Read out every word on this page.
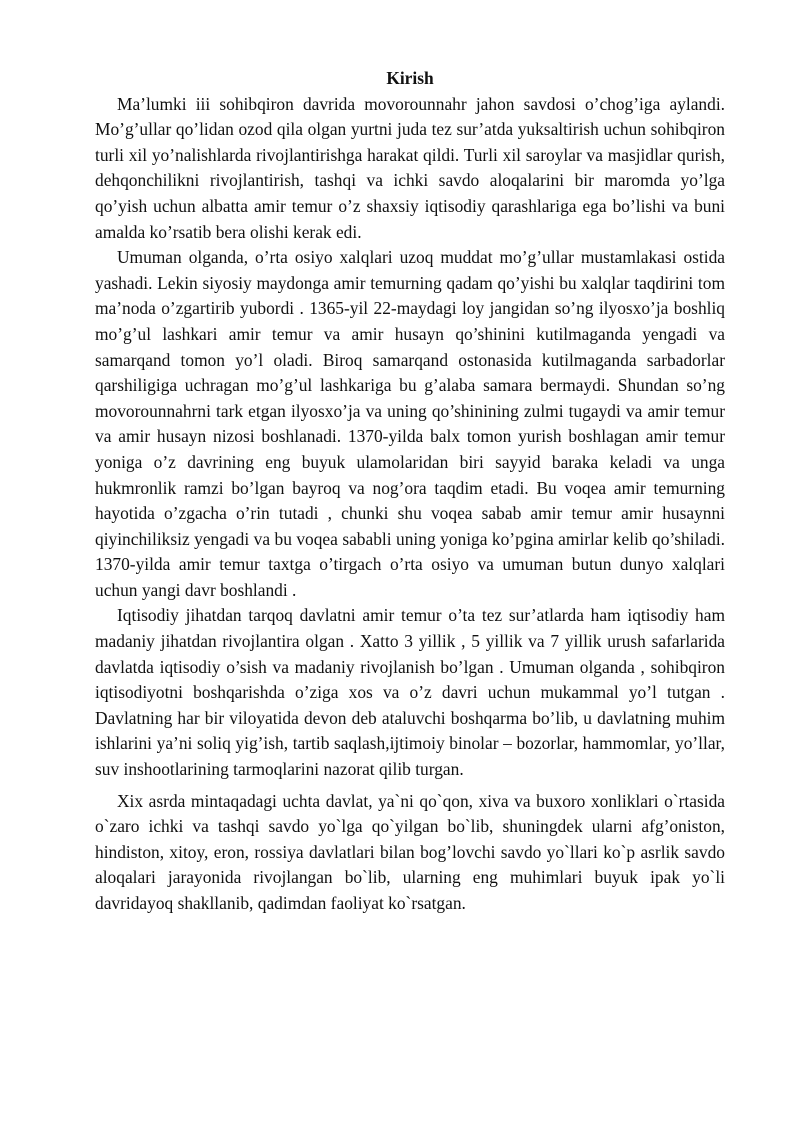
Kirish

Ma’lumki iii sohibqiron davrida movorounnahr jahon savdosi o’chog’iga aylandi. Mo’g’ullar qo’lidan ozod qila olgan yurtni juda tez sur’atda yuksaltirish uchun sohibqiron turli xil yo’nalishlarda rivojlantirishga harakat qildi. Turli xil saroylar va masjidlar qurish, dehqonchilikni rivojlantirish, tashqi va ichki savdo aloqalarini bir maromda yo’lga qo’yish uchun albatta amir temur o’z shaxsiy iqtisodiy qarashlariga ega bo’lishi va buni amalda ko’rsatib bera olishi kerak edi.

Umuman olganda, o’rta osiyo xalqlari uzoq muddat mo’g’ullar mustamlakasi ostida yashadi. Lekin siyosiy maydonga amir temurning qadam qo’yishi bu xalqlar taqdirini tom ma’noda o’zgartirib yubordi . 1365-yil 22-maydagi loy jangidan so’ng ilyosxo’ja boshliq mo’g’ul lashkari amir temur va amir husayn qo’shinini kutilmaganda yengadi va samarqand tomon yo’l oladi. Biroq samarqand ostonasida kutilmaganda sarbadorlar qarshiligiga uchragan mo’g’ul lashkariga bu g’alaba samara bermaydi. Shundan so’ng movorounnahrni tark etgan ilyosxo’ja va uning qo’shinining zulmi tugaydi va amir temur va amir husayn nizosi boshlanadi. 1370-yilda balx tomon yurish boshlagan amir temur yoniga o’z davrining eng buyuk ulamolaridan biri sayyid baraka keladi va unga hukmronlik ramzi bo’lgan bayroq va nog’ora taqdim etadi. Bu voqea amir temurning hayotida o’zgacha o’rin tutadi , chunki shu voqea sabab amir temur amir husaynni qiyinchiliksiz yengadi va bu voqea sababli uning yoniga ko’pgina amirlar kelib qo’shiladi. 1370-yilda amir temur taxtga o’tirgach o’rta osiyo va umuman butun dunyo xalqlari uchun yangi davr boshlandi .

Iqtisodiy jihatdan tarqoq davlatni amir temur o’ta tez sur’atlarda ham iqtisodiy ham madaniy jihatdan rivojlantira olgan . Xatto 3 yillik , 5 yillik va 7 yillik urush safarlarida davlatda iqtisodiy o’sish va madaniy rivojlanish bo’lgan . Umuman olganda , sohibqiron iqtisodiyotni boshqarishda o’ziga xos va o’z davri uchun mukammal yo’l tutgan . Davlatning har bir viloyatida devon deb ataluvchi boshqarma bo’lib, u davlatning muhim ishlarini ya’ni soliq yig’ish, tartib saqlash,ijtimoiy binolar – bozorlar, hammomlar, yo’llar, suv inshootlarining tarmoqlarini nazorat qilib turgan.

Xix asrda mintaqadagi uchta davlat, ya`ni qo`qon, xiva va buxoro xonliklari o`rtasida o`zaro ichki va tashqi savdo yo`lga qo`yilgan bo`lib, shuningdek ularni afg’oniston, hindiston, xitoy, eron, rossiya davlatlari bilan bog’lovchi savdo yo`llari ko`p asrlik savdo aloqalari jarayonida rivojlangan bo`lib, ularning eng muhimlari buyuk ipak yo`li davridayoq shakllanib, qadimdan faoliyat ko`rsatgan.
